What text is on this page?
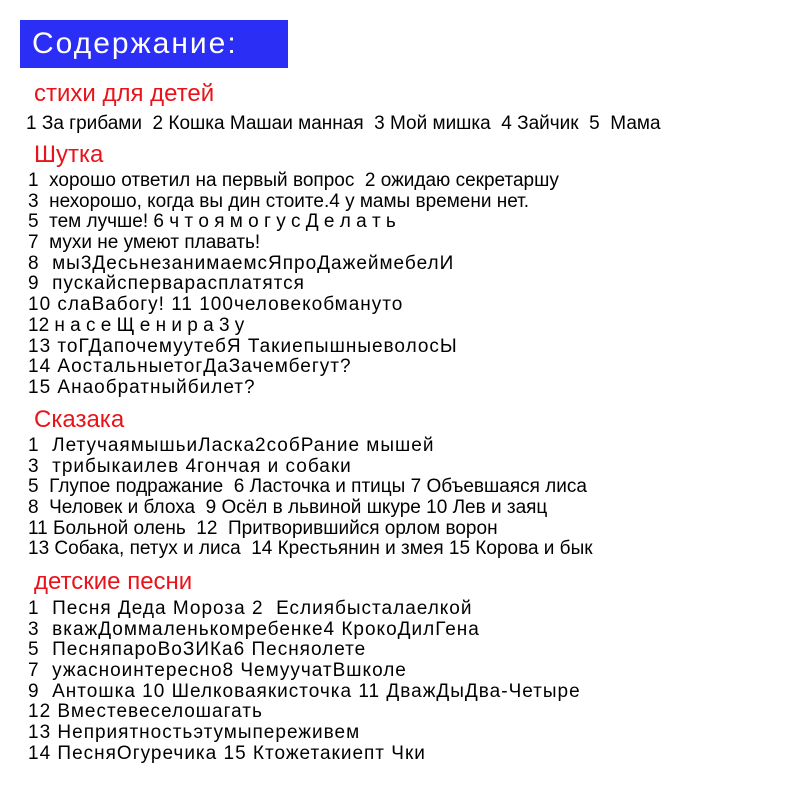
Содержание:
стихи для детей
1 За грибами  2 Кошка Машаи манная  3 Мой мишка  4 Зайчик  5  Мама
Шутка
1  хорошо ответил на первый вопрос  2 ожидаю секретаршу
3  нехорошо, когда вы дин стоите.4 у мамы времени нет.
5  тем лучше! 6 ч т о я м о г у с Д е л а т ь
7  мухи не умеют плавать!
8  мы3ДесьнезанимаемсЯпроДажеймебелИ
9  пускайсперварасплатятся
10 слаВабогу! 11 100человекобмануто
12 н а с е Щ е н и р а 3 у
13 тоГДапочемуутебЯ ТакиепышныеволосЫ
14 АостальныетогДаЗачембегут?
15 Анаобратныйбилет?
Сказака
1  ЛетучаямышьиЛаска2собРание мышей
3  трибыкаилев 4гончая и собаки
5  Глупое подражание  6 Ласточка и птицы 7 Объевшаяся лиса
8  Человек и блоха  9 Осёл в львиной шкуре 10 Лев и заяц
11 Больной олень  12  Притворившийся орлом ворон
13 Собака, петух и лиса  14 Крестьянин и змея 15 Корова и бык
детские песни
1  Песня Деда Мороза 2  Еслиябысталаелкой
3  вкажДоммаленькомребенке4 КрокоДилГена
5  ПесняпароВоЗИКа6 Песняолете
7  ужасноинтересно8 ЧемуучатВшколе
9  Антошка 10 Шелковаякисточка 11 ДважДыДва-Четыре
12 Вместевеселошагать
13 Неприятностьэтумыпереживем
14 ПесняОгуречика 15 Ктожетакиепт Чки
